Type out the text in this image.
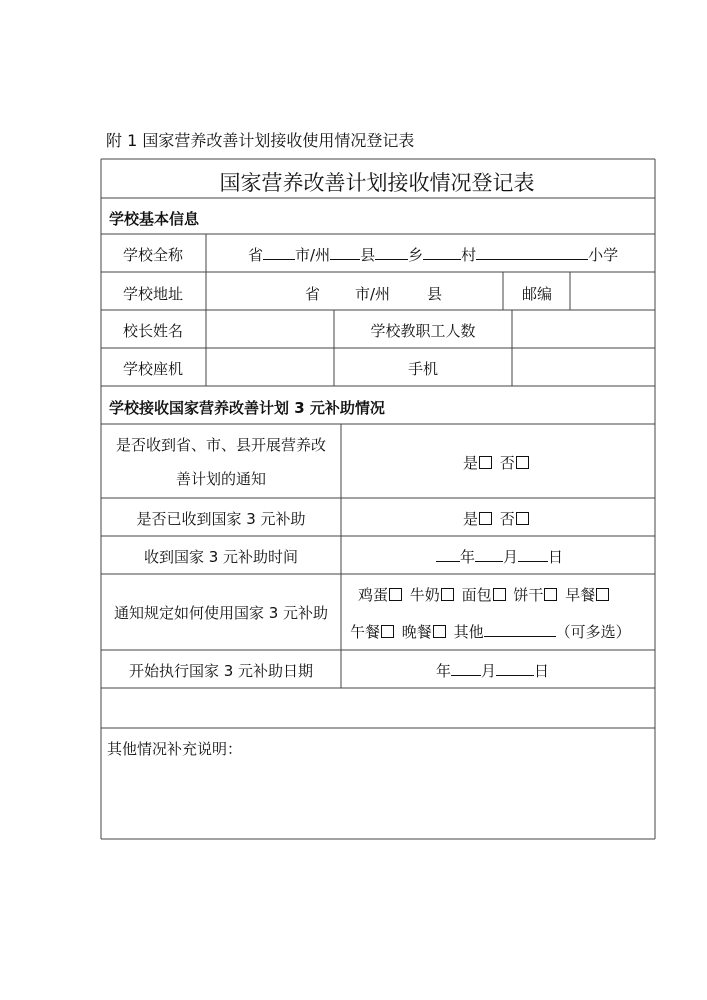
附 1 国家营养改善计划接收使用情况登记表
国家营养改善计划接收情况登记表
学校基本信息
学校全称	省 市/州 县 乡	村	小学
学校地址	省 市/州 县	邮编
校长姓名	学校教职工人数
学校座机	手机
学校接收国家营养改善计划 3 元补助情况
是否收到省、市、县开展营养改
善计划的通知
是 否
是否已收到国家 3 元补助	是 否
收到国家 3 元补助时间	年 月 日
通知规定如何使用国家 3 元补助
鸡蛋 牛奶 面包 饼干 早餐
午餐 晚餐 其他	（可多选）
开始执行国家 3 元补助日期	年 月	日
其他情况补充说明：
